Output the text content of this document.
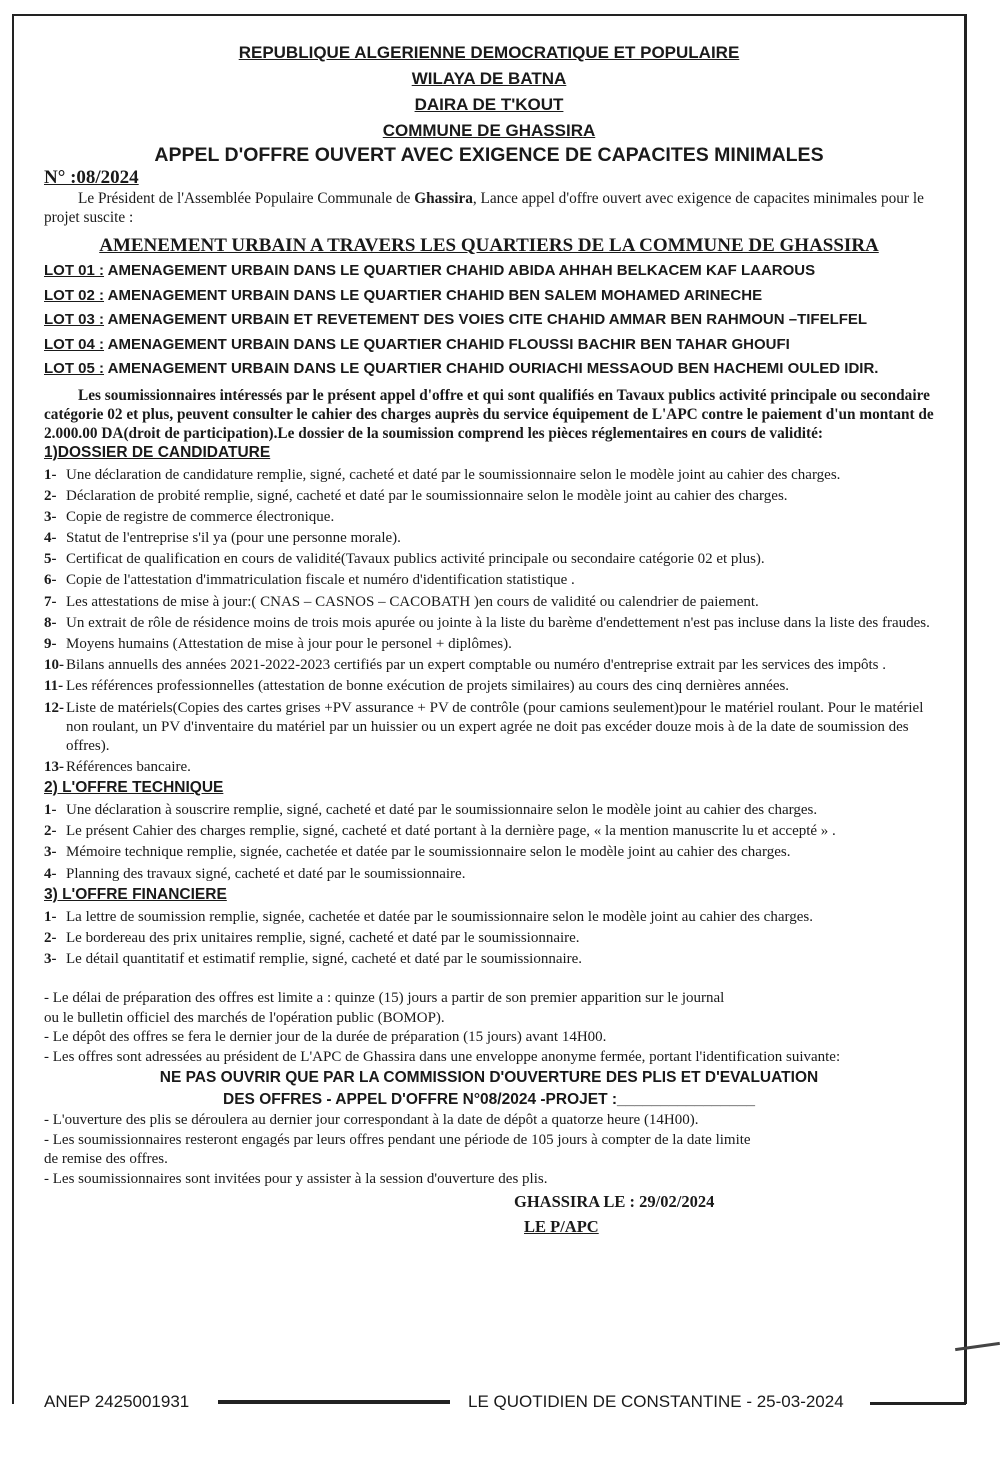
REPUBLIQUE ALGERIENNE DEMOCRATIQUE ET POPULAIRE
WILAYA DE BATNA
DAIRA DE T'KOUT
COMMUNE DE GHASSIRA
APPEL D'OFFRE OUVERT AVEC EXIGENCE DE CAPACITES MINIMALES
N° :08/2024

Le Président de l'Assemblée Populaire Communale de Ghassira, Lance appel d'offre ouvert avec exigence de capacites minimales pour le projet suscite :

AMENEMENT URBAIN A TRAVERS LES QUARTIERS DE LA COMMUNE DE GHASSIRA
LOT 01 : AMENAGEMENT URBAIN DANS LE QUARTIER CHAHID ABIDA AHHAH BELKACEM KAF LAAROUS
LOT 02 : AMENAGEMENT URBAIN DANS LE QUARTIER CHAHID BEN SALEM MOHAMED ARINECHE
LOT 03 : AMENAGEMENT URBAIN ET REVETEMENT DES VOIES CITE CHAHID AMMAR BEN RAHMOUN –TIFELFEL
LOT 04 : AMENAGEMENT URBAIN DANS LE QUARTIER CHAHID FLOUSSI BACHIR BEN TAHAR GHOUFI
LOT 05 : AMENAGEMENT URBAIN DANS LE QUARTIER CHAHID OURIACHI MESSAOUD BEN HACHEMI OULED IDIR.

Les soumissionnaires intéressés par le présent appel d'offre et qui sont qualifiés en Tavaux publics activité principale ou secondaire catégorie 02 et plus, peuvent consulter le cahier des charges auprès du service équipement de L'APC contre le paiement d'un montant de 2.000.00 DA(droit de participation).Le dossier de la soumission comprend les pièces réglementaires en cours de validité:

1)DOSSIER DE CANDIDATURE
1- Une déclaration de candidature remplie, signé, cacheté et daté par le soumissionnaire selon le modèle joint au cahier des charges.
2- Déclaration de probité remplie, signé, cacheté et daté par le soumissionnaire selon le modèle joint au cahier des charges.
3- Copie de registre de commerce électronique.
4- Statut de l'entreprise s'il ya (pour une personne morale).
5- Certificat de qualification en cours de validité(Tavaux publics activité principale ou secondaire catégorie 02 et plus).
6- Copie de l'attestation d'immatriculation fiscale et numéro d'identification statistique .
7- Les attestations de mise à jour:( CNAS – CASNOS – CACOBATH )en cours de validité ou calendrier de paiement.
8- Un extrait de rôle de résidence moins de trois mois apurée ou jointe à la liste du barème d'endettement n'est pas incluse dans la liste des fraudes.
9- Moyens humains (Attestation de mise à jour pour le personel + diplômes).
10- Bilans annuells des années 2021-2022-2023 certifiés par un expert comptable ou numéro d'entreprise extrait par les services des impôts .
11- Les références professionnelles (attestation de bonne exécution de projets similaires) au cours des cinq dernières années.
12- Liste de matériels(Copies des cartes grises +PV assurance + PV de contrôle (pour camions seulement)pour le matériel roulant. Pour le matériel non roulant, un PV d'inventaire du matériel par un huissier ou un expert agrée ne doit pas excéder douze mois à de la date de soumission des offres).
13- Références bancaire.
2) L'OFFRE TECHNIQUE
1- Une déclaration à souscrire remplie, signé, cacheté et daté par le soumissionnaire selon le modèle joint au cahier des charges.
2- Le présent Cahier des charges remplie, signé, cacheté et daté portant à la dernière page, « la mention manuscrite lu et accepté » .
3- Mémoire technique remplie, signée, cachetée et datée par le soumissionnaire selon le modèle joint au cahier des charges.
4- Planning des travaux signé, cacheté et daté par le soumissionnaire.
3) L'OFFRE FINANCIERE
1- La lettre de soumission remplie, signée, cachetée et datée par le soumissionnaire selon le modèle joint au cahier des charges.
2- Le bordereau des prix unitaires remplie, signé, cacheté et daté par le soumissionnaire.
3- Le détail quantitatif et estimatif remplie, signé, cacheté et daté par le soumissionnaire.

- Le délai de préparation des offres est limite a : quinze (15) jours a partir de son premier apparition sur le journal

ou le bulletin officiel des marchés de l'opération public (BOMOP).

- Le dépôt des offres se fera le dernier jour de la durée de préparation (15 jours) avant 14H00.

- Les offres sont adressées au président de L'APC de Ghassira dans une enveloppe anonyme fermée, portant l'identification suivante:

NE PAS OUVRIR QUE PAR LA COMMISSION D'OUVERTURE DES PLIS ET D'EVALUATION
DES OFFRES - APPEL D'OFFRE N°08/2024 -PROJET :________________

- L'ouverture des plis se déroulera au dernier jour correspondant à la date de dépôt a quatorze heure (14H00).

- Les soumissionnaires resteront engagés par leurs offres pendant une période de 105 jours à compter de la date limite

de remise des offres.

- Les soumissionnaires sont invitées pour y assister à la session d'ouverture des plis.

GHASSIRA LE : 29/02/2024
LE P/APC
ANEP 2425001931	LE QUOTIDIEN DE CONSTANTINE - 25-03-2024
